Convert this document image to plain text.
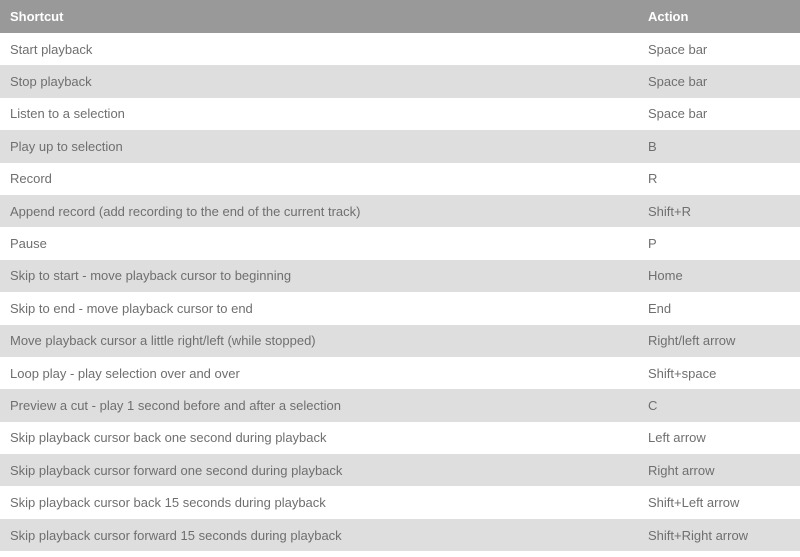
Shortcut	Action
Start playback	Space bar
Stop playback	Space bar
Listen to a selection	Space bar
Play up to selection	B
Record	R
Append record (add recording to the end of the current track)	Shift+R
Pause	P
Skip to start - move playback cursor to beginning	Home
Skip to end - move playback cursor to end	End
Move playback cursor a little right/left (while stopped)	Right/left arrow
Loop play - play selection over and over	Shift+space
Preview a cut - play 1 second before and after a selection	C
Skip playback cursor back one second during playback	Left arrow
Skip playback cursor forward one second during playback	Right arrow
Skip playback cursor back 15 seconds during playback	Shift+Left arrow
Skip playback cursor forward 15 seconds during playback	Shift+Right arrow
